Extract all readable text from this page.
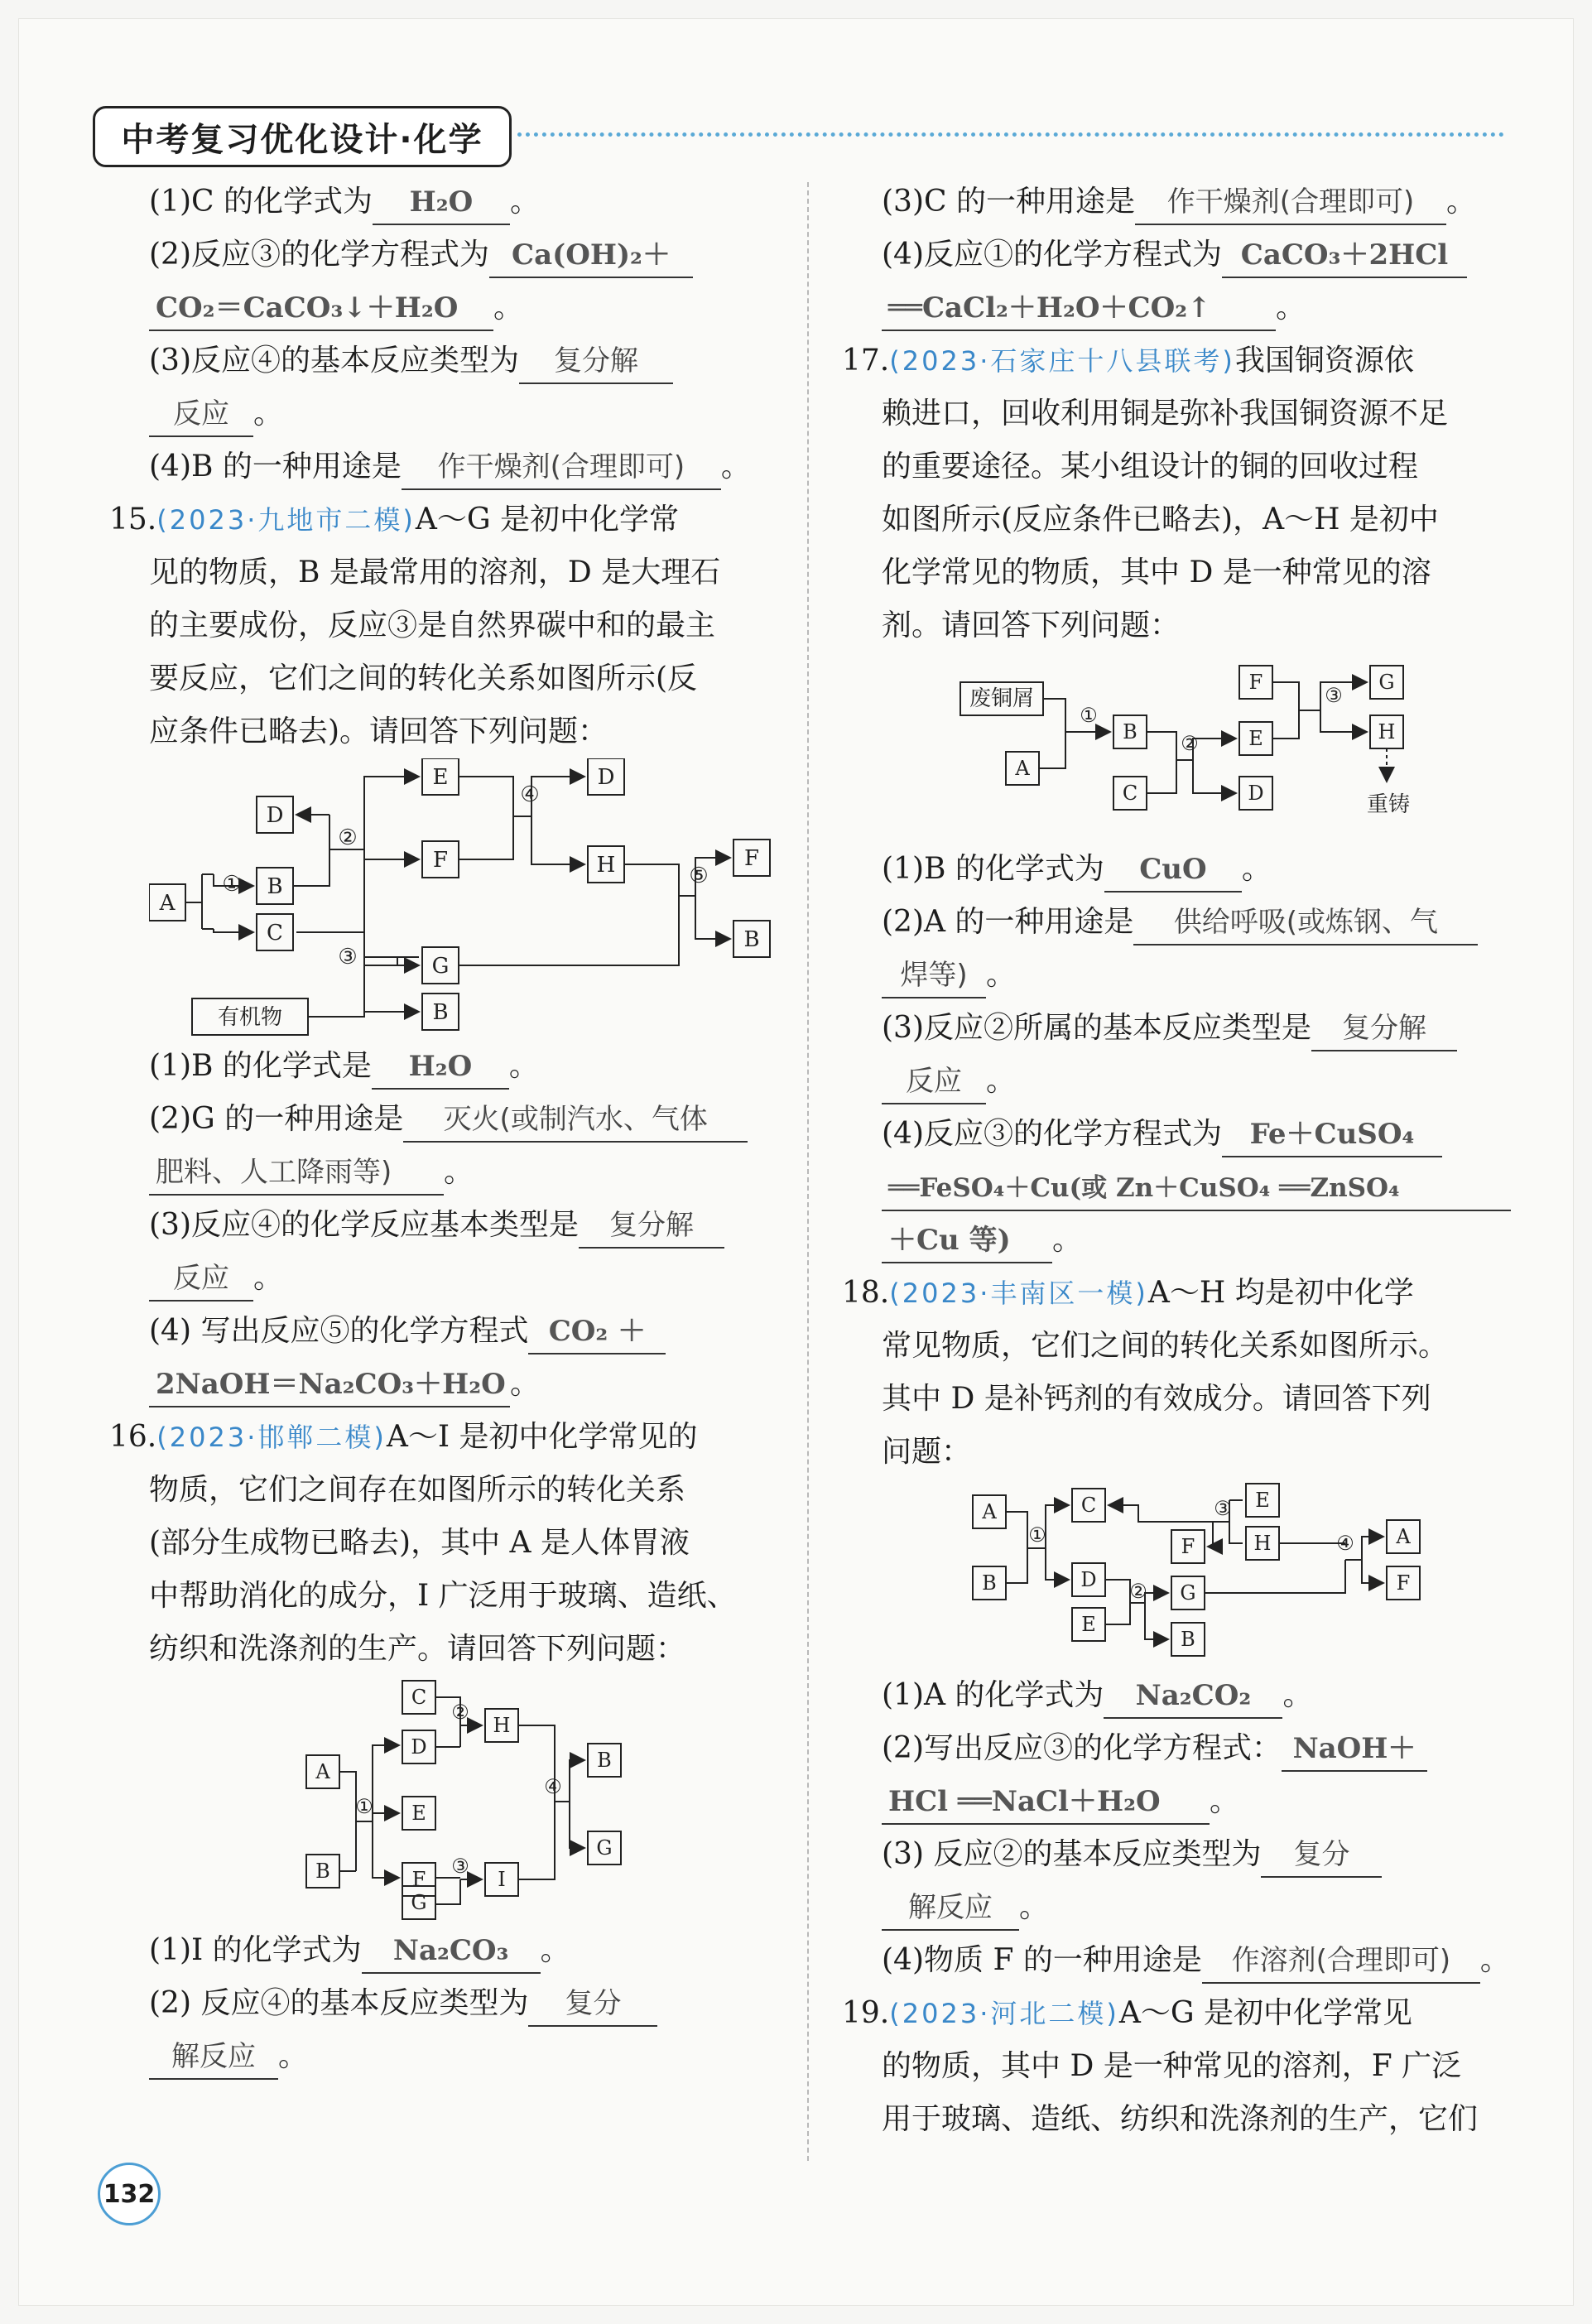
中考复习优化设计·化学
(1)C 的化学式为 H₂O 。
(2)反应③的化学方程式为 Ca(OH)₂＋
CO₂＝CaCO₃↓＋H₂O 。
(3)反应④的基本反应类型为 复分解
反应 。
(4)B 的一种用途是 作干燥剂(合理即可) 。
15.(2023·九地市二模)A～G 是初中化学常
见的物质，B 是最常用的溶剂，D 是大理石
的主要成份，反应③是自然界碳中和的最主
要反应，它们之间的转化关系如图所示(反
应条件已略去)。请回答下列问题：
A
D
B
C
E
F
G
B
D
H	F
B
有机物
①
②
③
④
⑤
(1)B 的化学式是 H₂O 。
(2)G 的一种用途是 灭火(或制汽水、气体
肥料、人工降雨等) 。
(3)反应④的化学反应基本类型是 复分解
反应 。
(4) 写出反应⑤的化学方程式 CO₂ ＋
2NaOH＝Na₂CO₃＋H₂O 。
16.(2023·邯郸二模)A～I 是初中化学常见的
物质，它们之间存在如图所示的转化关系
(部分生成物已略去)，其中 A 是人体胃液
中帮助消化的成分，I 广泛用于玻璃、造纸、
纺织和洗涤剂的生产。请回答下列问题：
A
B
C
D
E
F
G
H
I
B
G
①
②
③
④
(1)I 的化学式为 Na₂CO₃ 。
(2) 反应④的基本反应类型为 复分
解反应 。
(3)C 的一种用途是 作干燥剂(合理即可) 。
(4)反应①的化学方程式为 CaCO₃＋2HCl
══CaCl₂＋H₂O＋CO₂↑ 。
17.(2023·石家庄十八县联考)我国铜资源依
赖进口，回收利用铜是弥补我国铜资源不足
的重要途径。某小组设计的铜的回收过程
如图所示(反应条件已略去)，A～H 是初中
化学常见的物质，其中 D 是一种常见的溶
剂。请回答下列问题：
废铜屑
A
B
C
F
E
D
G
H
重铸
①
②
③
(1)B 的化学式为 CuO 。
(2)A 的一种用途是 供给呼吸(或炼钢、气
焊等) 。
(3)反应②所属的基本反应类型是 复分解
反应 。
(4)反应③的化学方程式为 Fe＋CuSO₄
══FeSO₄＋Cu(或 Zn＋CuSO₄ ══ZnSO₄
＋Cu 等) 。
18.(2023·丰南区一模)A～H 均是初中化学
常见物质，它们之间的转化关系如图所示。
其中 D 是补钙剂的有效成分。请回答下列
问题：
A
B
C
D
E
F
G
B
E
H	A
F
①
②
③
④
(1)A 的化学式为 Na₂CO₂ 。
(2)写出反应③的化学方程式： NaOH＋
HCl ══NaCl＋H₂O 。
(3) 反应②的基本反应类型为 复分
解反应 。
(4)物质 F 的一种用途是 作溶剂(合理即可) 。
19.(2023·河北二模)A～G 是初中化学常见
的物质，其中 D 是一种常见的溶剂，F 广泛
用于玻璃、造纸、纺织和洗涤剂的生产，它们
132
